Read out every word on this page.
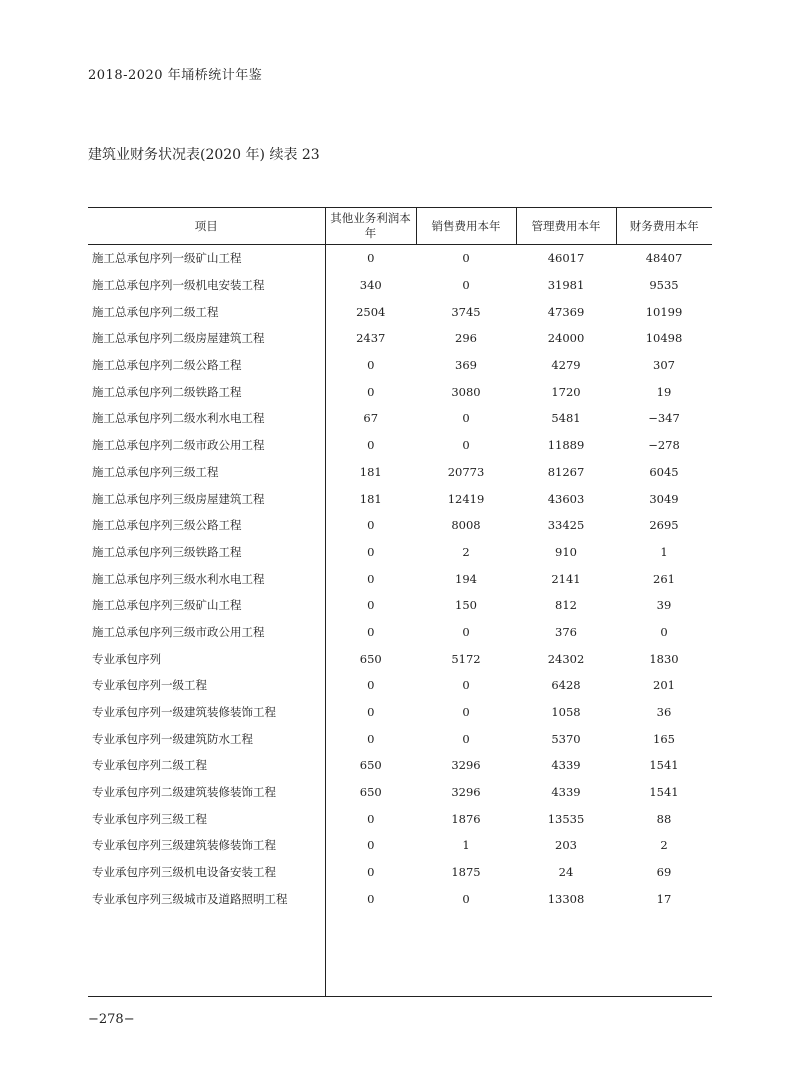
2018-2020 年埇桥统计年鉴
建筑业财务状况表(2020 年) 续表 23
项目	其他业务利润本年	销售费用本年	管理费用本年	财务费用本年
施工总承包序列一级矿山工程	0	0	46017	48407
施工总承包序列一级机电安装工程	340	0	31981	9535
施工总承包序列二级工程	2504	3745	47369	10199
施工总承包序列二级房屋建筑工程	2437	296	24000	10498
施工总承包序列二级公路工程	0	369	4279	307
施工总承包序列二级铁路工程	0	3080	1720	19
施工总承包序列二级水利水电工程	67	0	5481	−347
施工总承包序列二级市政公用工程	0	0	11889	−278
施工总承包序列三级工程	181	20773	81267	6045
施工总承包序列三级房屋建筑工程	181	12419	43603	3049
施工总承包序列三级公路工程	0	8008	33425	2695
施工总承包序列三级铁路工程	0	2	910	1
施工总承包序列三级水利水电工程	0	194	2141	261
施工总承包序列三级矿山工程	0	150	812	39
施工总承包序列三级市政公用工程	0	0	376	0
专业承包序列	650	5172	24302	1830
专业承包序列一级工程	0	0	6428	201
专业承包序列一级建筑装修装饰工程	0	0	1058	36
专业承包序列一级建筑防水工程	0	0	5370	165
专业承包序列二级工程	650	3296	4339	1541
专业承包序列二级建筑装修装饰工程	650	3296	4339	1541
专业承包序列三级工程	0	1876	13535	88
专业承包序列三级建筑装修装饰工程	0	1	203	2
专业承包序列三级机电设备安装工程	0	1875	24	69
专业承包序列三级城市及道路照明工程	0	0	13308	17
−278−
